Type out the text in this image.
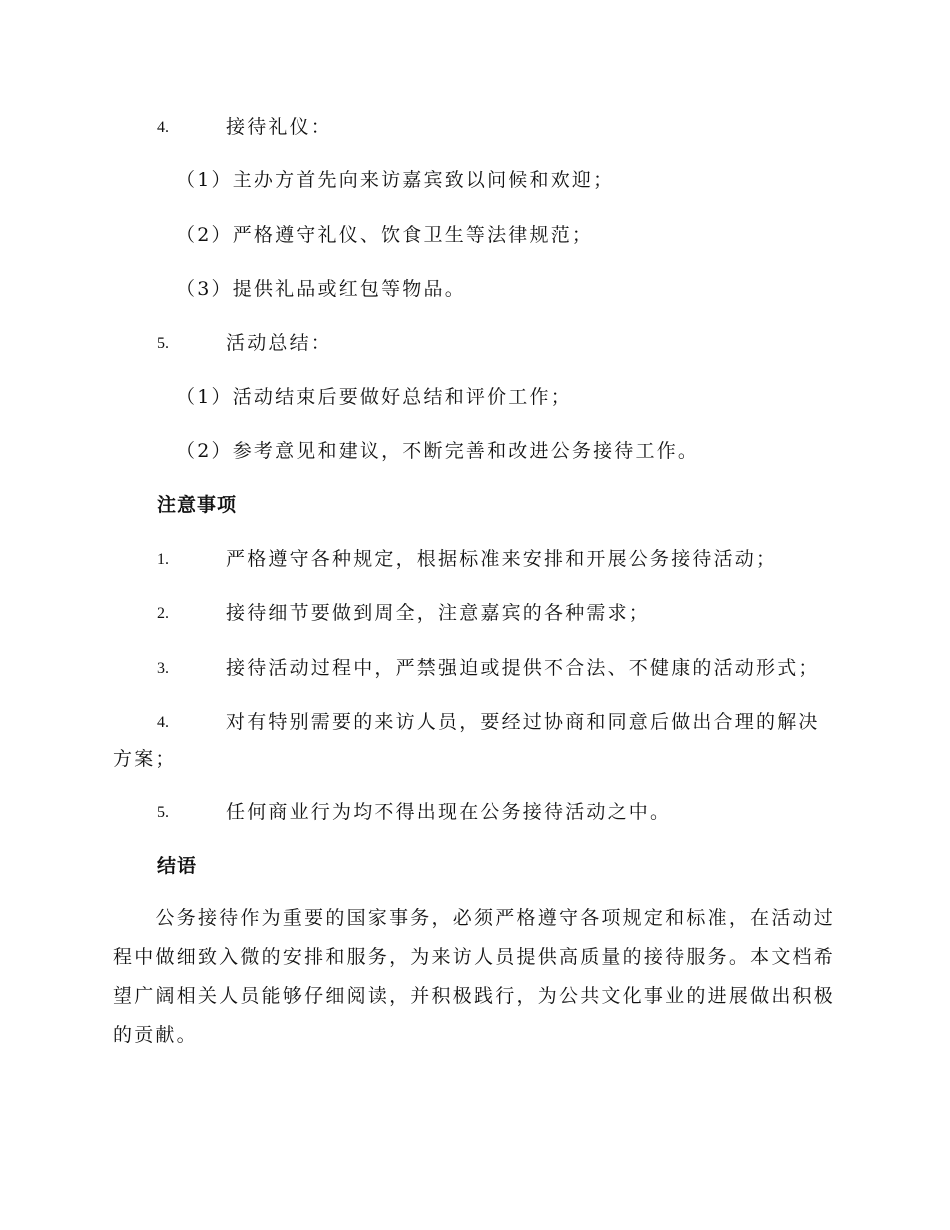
4.	接待礼仪：
（1）主办方首先向来访嘉宾致以问候和欢迎；
（2）严格遵守礼仪、饮食卫生等法律规范；
（3）提供礼品或红包等物品。
5.	活动总结：
（1）活动结束后要做好总结和评价工作；
（2）参考意见和建议，不断完善和改进公务接待工作。
注意事项
1.	严格遵守各种规定，根据标准来安排和开展公务接待活动；
2.	接待细节要做到周全，注意嘉宾的各种需求；
3.	接待活动过程中，严禁强迫或提供不合法、不健康的活动形式；
4.	对有特别需要的来访人员，要经过协商和同意后做出合理的解决
方案；
5.	任何商业行为均不得出现在公务接待活动之中。
结语
　　公务接待作为重要的国家事务，必须严格遵守各项规定和标准，在活动过程中做细致入微的安排和服务，为来访人员提供高质量的接待服务。本文档希望广阔相关人员能够仔细阅读，并积极践行，为公共文化事业的进展做出积极的贡献。
